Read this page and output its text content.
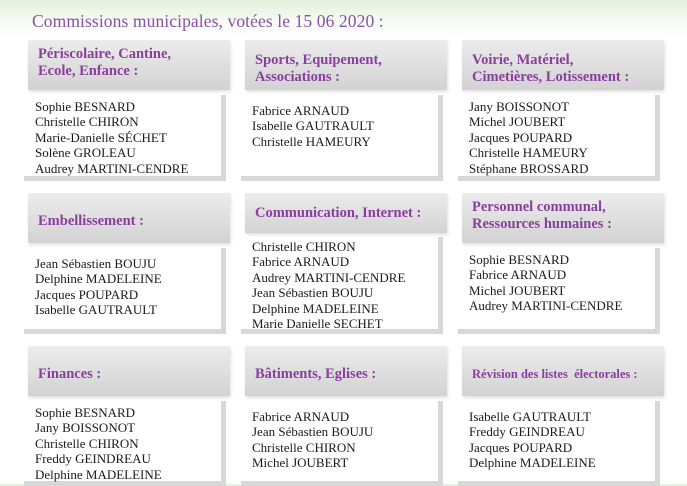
Commissions municipales, votées le 15 06 2020 :
Périscolaire, Cantine,
Ecole, Enfance :
Sophie BESNARD
Christelle CHIRON
Marie-Danielle SÉCHET
Solène GROLEAU
Audrey MARTINI-CENDRE
Sports, Equipement,
Associations :
Fabrice ARNAUD
Isabelle GAUTRAULT
Christelle HAMEURY
Voirie, Matériel,
Cimetières, Lotissement :
Jany BOISSONOT
Michel JOUBERT
Jacques POUPARD
Christelle HAMEURY
Stéphane BROSSARD
Embellissement :
Jean Sébastien BOUJU
Delphine MADELEINE
Jacques POUPARD
Isabelle GAUTRAULT
Communication, Internet :
Christelle CHIRON
Fabrice ARNAUD
Audrey MARTINI-CENDRE
Jean Sébastien BOUJU
Delphine MADELEINE
Marie Danielle SECHET
Personnel communal,
Ressources humaines :
Sophie BESNARD
Fabrice ARNAUD
Michel JOUBERT
Audrey MARTINI-CENDRE
Finances :
Sophie BESNARD
Jany BOISSONOT
Christelle CHIRON
Freddy GEINDREAU
Delphine MADELEINE
Bâtiments, Eglises :
Fabrice ARNAUD
Jean Sébastien BOUJU
Christelle CHIRON
Michel JOUBERT
Révision des listes  électorales :
Isabelle GAUTRAULT
Freddy GEINDREAU
Jacques POUPARD
Delphine MADELEINE
